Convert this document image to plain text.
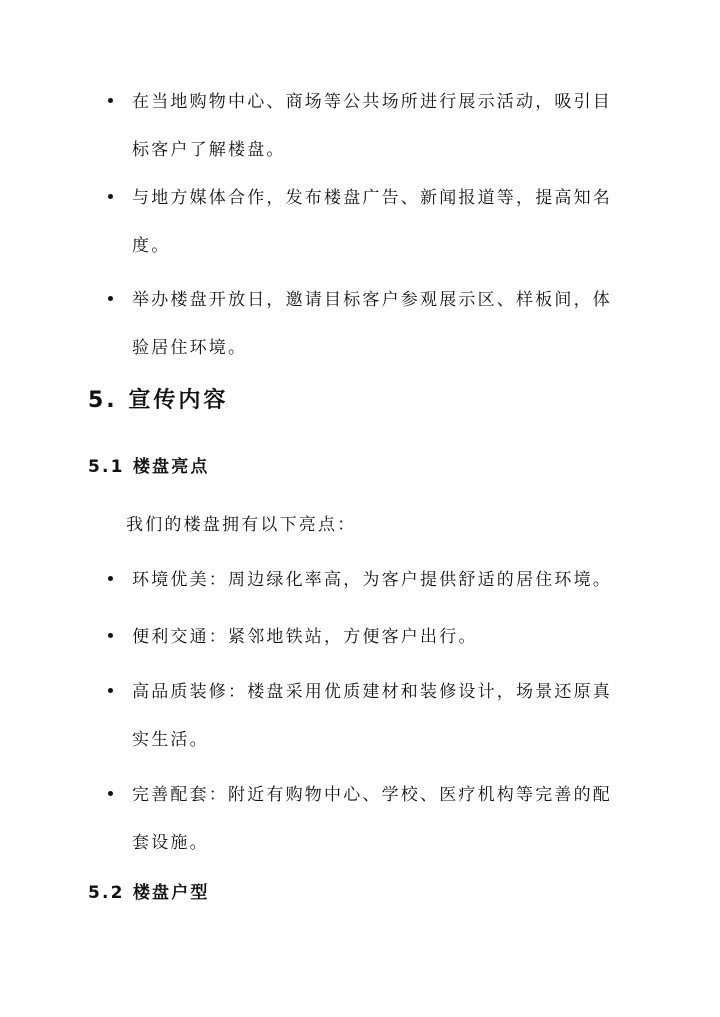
在当地购物中心、商场等公共场所进行展示活动，吸引目标客户了解楼盘。
与地方媒体合作，发布楼盘广告、新闻报道等，提高知名度。
举办楼盘开放日，邀请目标客户参观展示区、样板间，体验居住环境。
5. 宣传内容
5.1 楼盘亮点

我们的楼盘拥有以下亮点：

环境优美：周边绿化率高，为客户提供舒适的居住环境。
便利交通：紧邻地铁站，方便客户出行。
高品质装修：楼盘采用优质建材和装修设计，场景还原真实生活。
完善配套：附近有购物中心、学校、医疗机构等完善的配套设施。
5.2 楼盘户型
